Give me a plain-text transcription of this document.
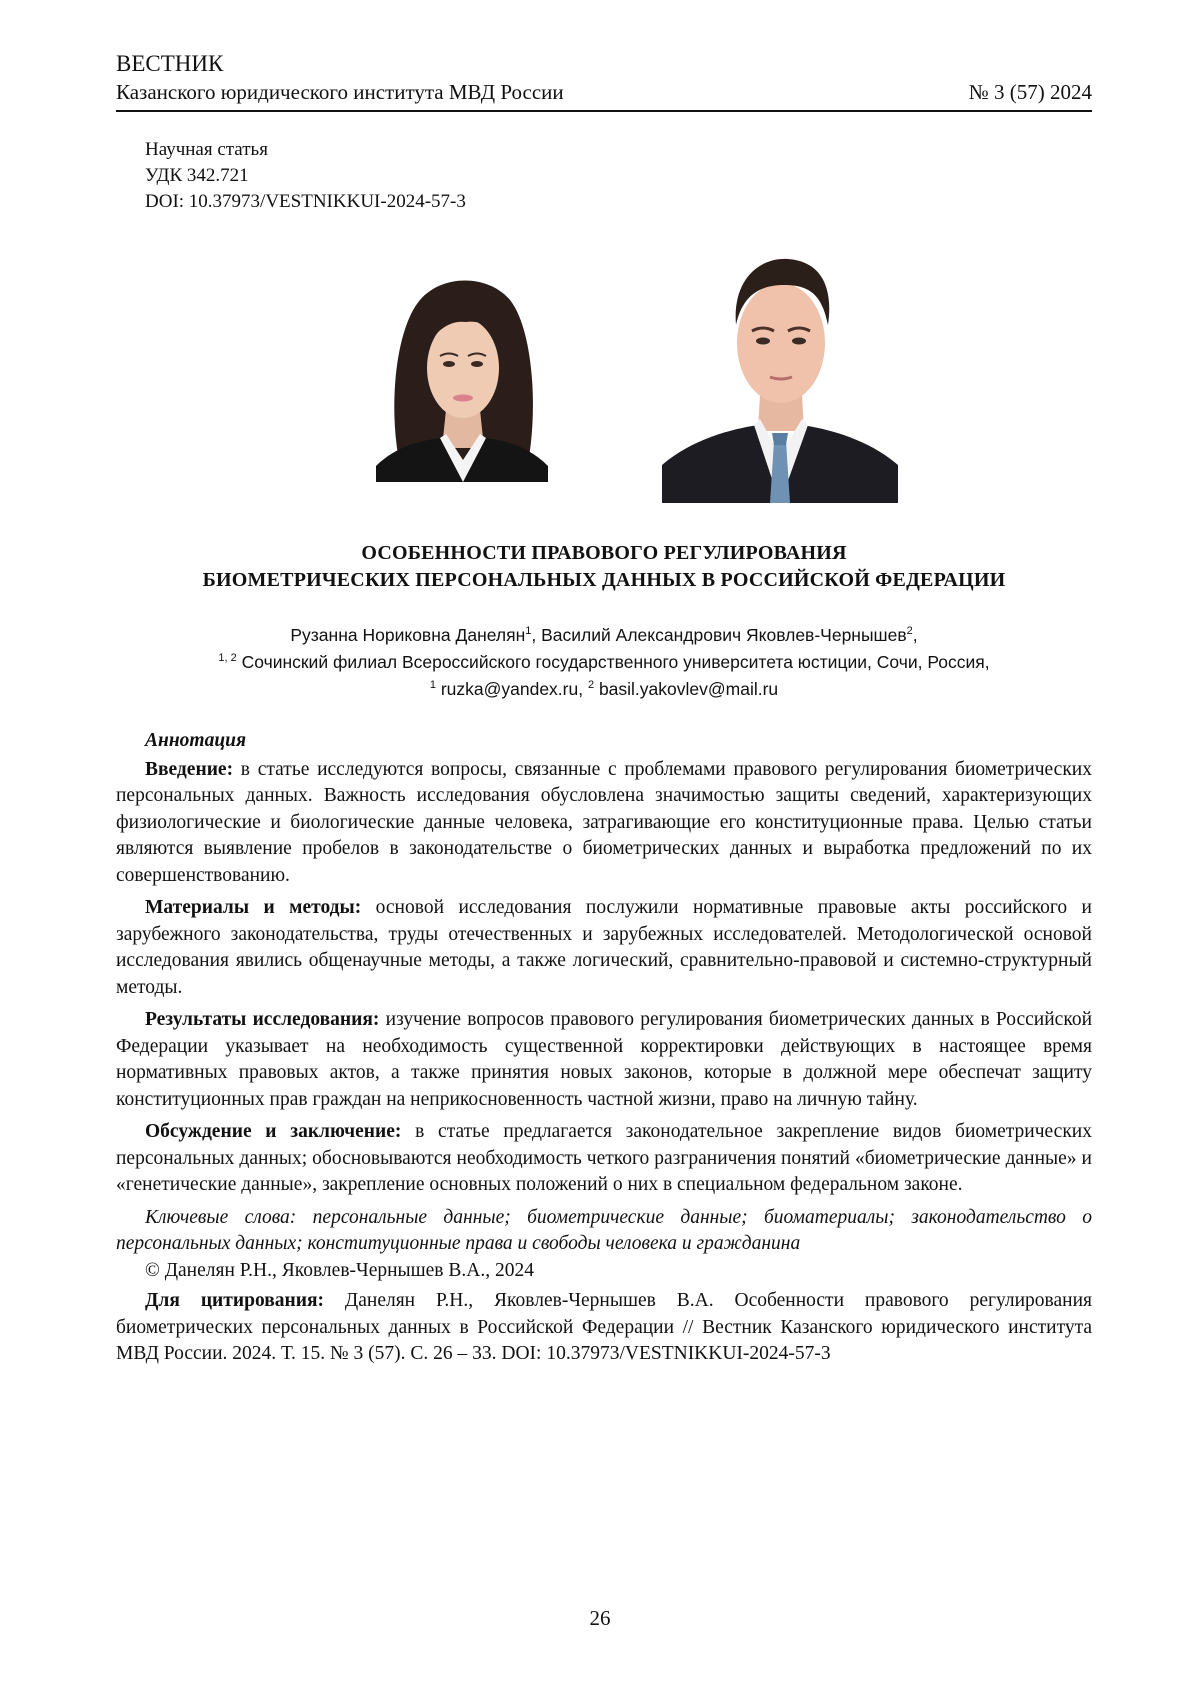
ВЕСТНИК
Казанского юридического института МВД России	№ 3 (57) 2024
Научная статья
УДК 342.721
DOI: 10.37973/VESTNIKKUI-2024-57-3
ОСОБЕННОСТИ ПРАВОВОГО РЕГУЛИРОВАНИЯ
БИОМЕТРИЧЕСКИХ ПЕРСОНАЛЬНЫХ ДАННЫХ В РОССИЙСКОЙ ФЕДЕРАЦИИ
Рузанна Нориковна Данелян$^1$, Василий Александрович Яковлев-Чернышев$^2$,
$^{1, 2}$ Сочинский филиал Всероссийского государственного университета юстиции, Сочи, Россия,
$^1$ ruzka@yandex.ru, $^2$ basil.yakovlev@mail.ru

Аннотация

Введение: в статье исследуются вопросы, связанные с проблемами правового регулирования биометрических персональных данных. Важность исследования обусловлена значимостью защиты сведений, характеризующих физиологические и биологические данные человека, затрагивающие его конституционные права. Целью статьи являются выявление пробелов в законодательстве о биометрических данных и выработка предложений по их совершенствованию.

Материалы и методы: основой исследования послужили нормативные правовые акты российского и зарубежного законодательства, труды отечественных и зарубежных исследователей. Методологической основой исследования явились общенаучные методы, а также логический, сравнительно-правовой и системно-структурный методы.

Результаты исследования: изучение вопросов правового регулирования биометрических данных в Российской Федерации указывает на необходимость существенной корректировки действующих в настоящее время нормативных правовых актов, а также принятия новых законов, которые в должной мере обеспечат защиту конституционных прав граждан на неприкосновенность частной жизни, право на личную тайну.

Обсуждение и заключение: в статье предлагается законодательное закрепление видов биометрических персональных данных; обосновываются необходимость четкого разграничения понятий «биометрические данные» и «генетические данные», закрепление основных положений о них в специальном федеральном законе.

Ключевые слова: персональные данные; биометрические данные; биоматериалы; законодательство о персональных данных; конституционные права и свободы человека и гражданина

© Данелян Р.Н., Яковлев-Чернышев В.А., 2024

Для цитирования: Данелян Р.Н., Яковлев-Чернышев В.А. Особенности правового регулирования биометрических персональных данных в Российской Федерации // Вестник Казанского юридического института МВД России. 2024. Т. 15. № 3 (57). С. 26 – 33. DOI: 10.37973/VESTNIKKUI-2024-57-3

26
